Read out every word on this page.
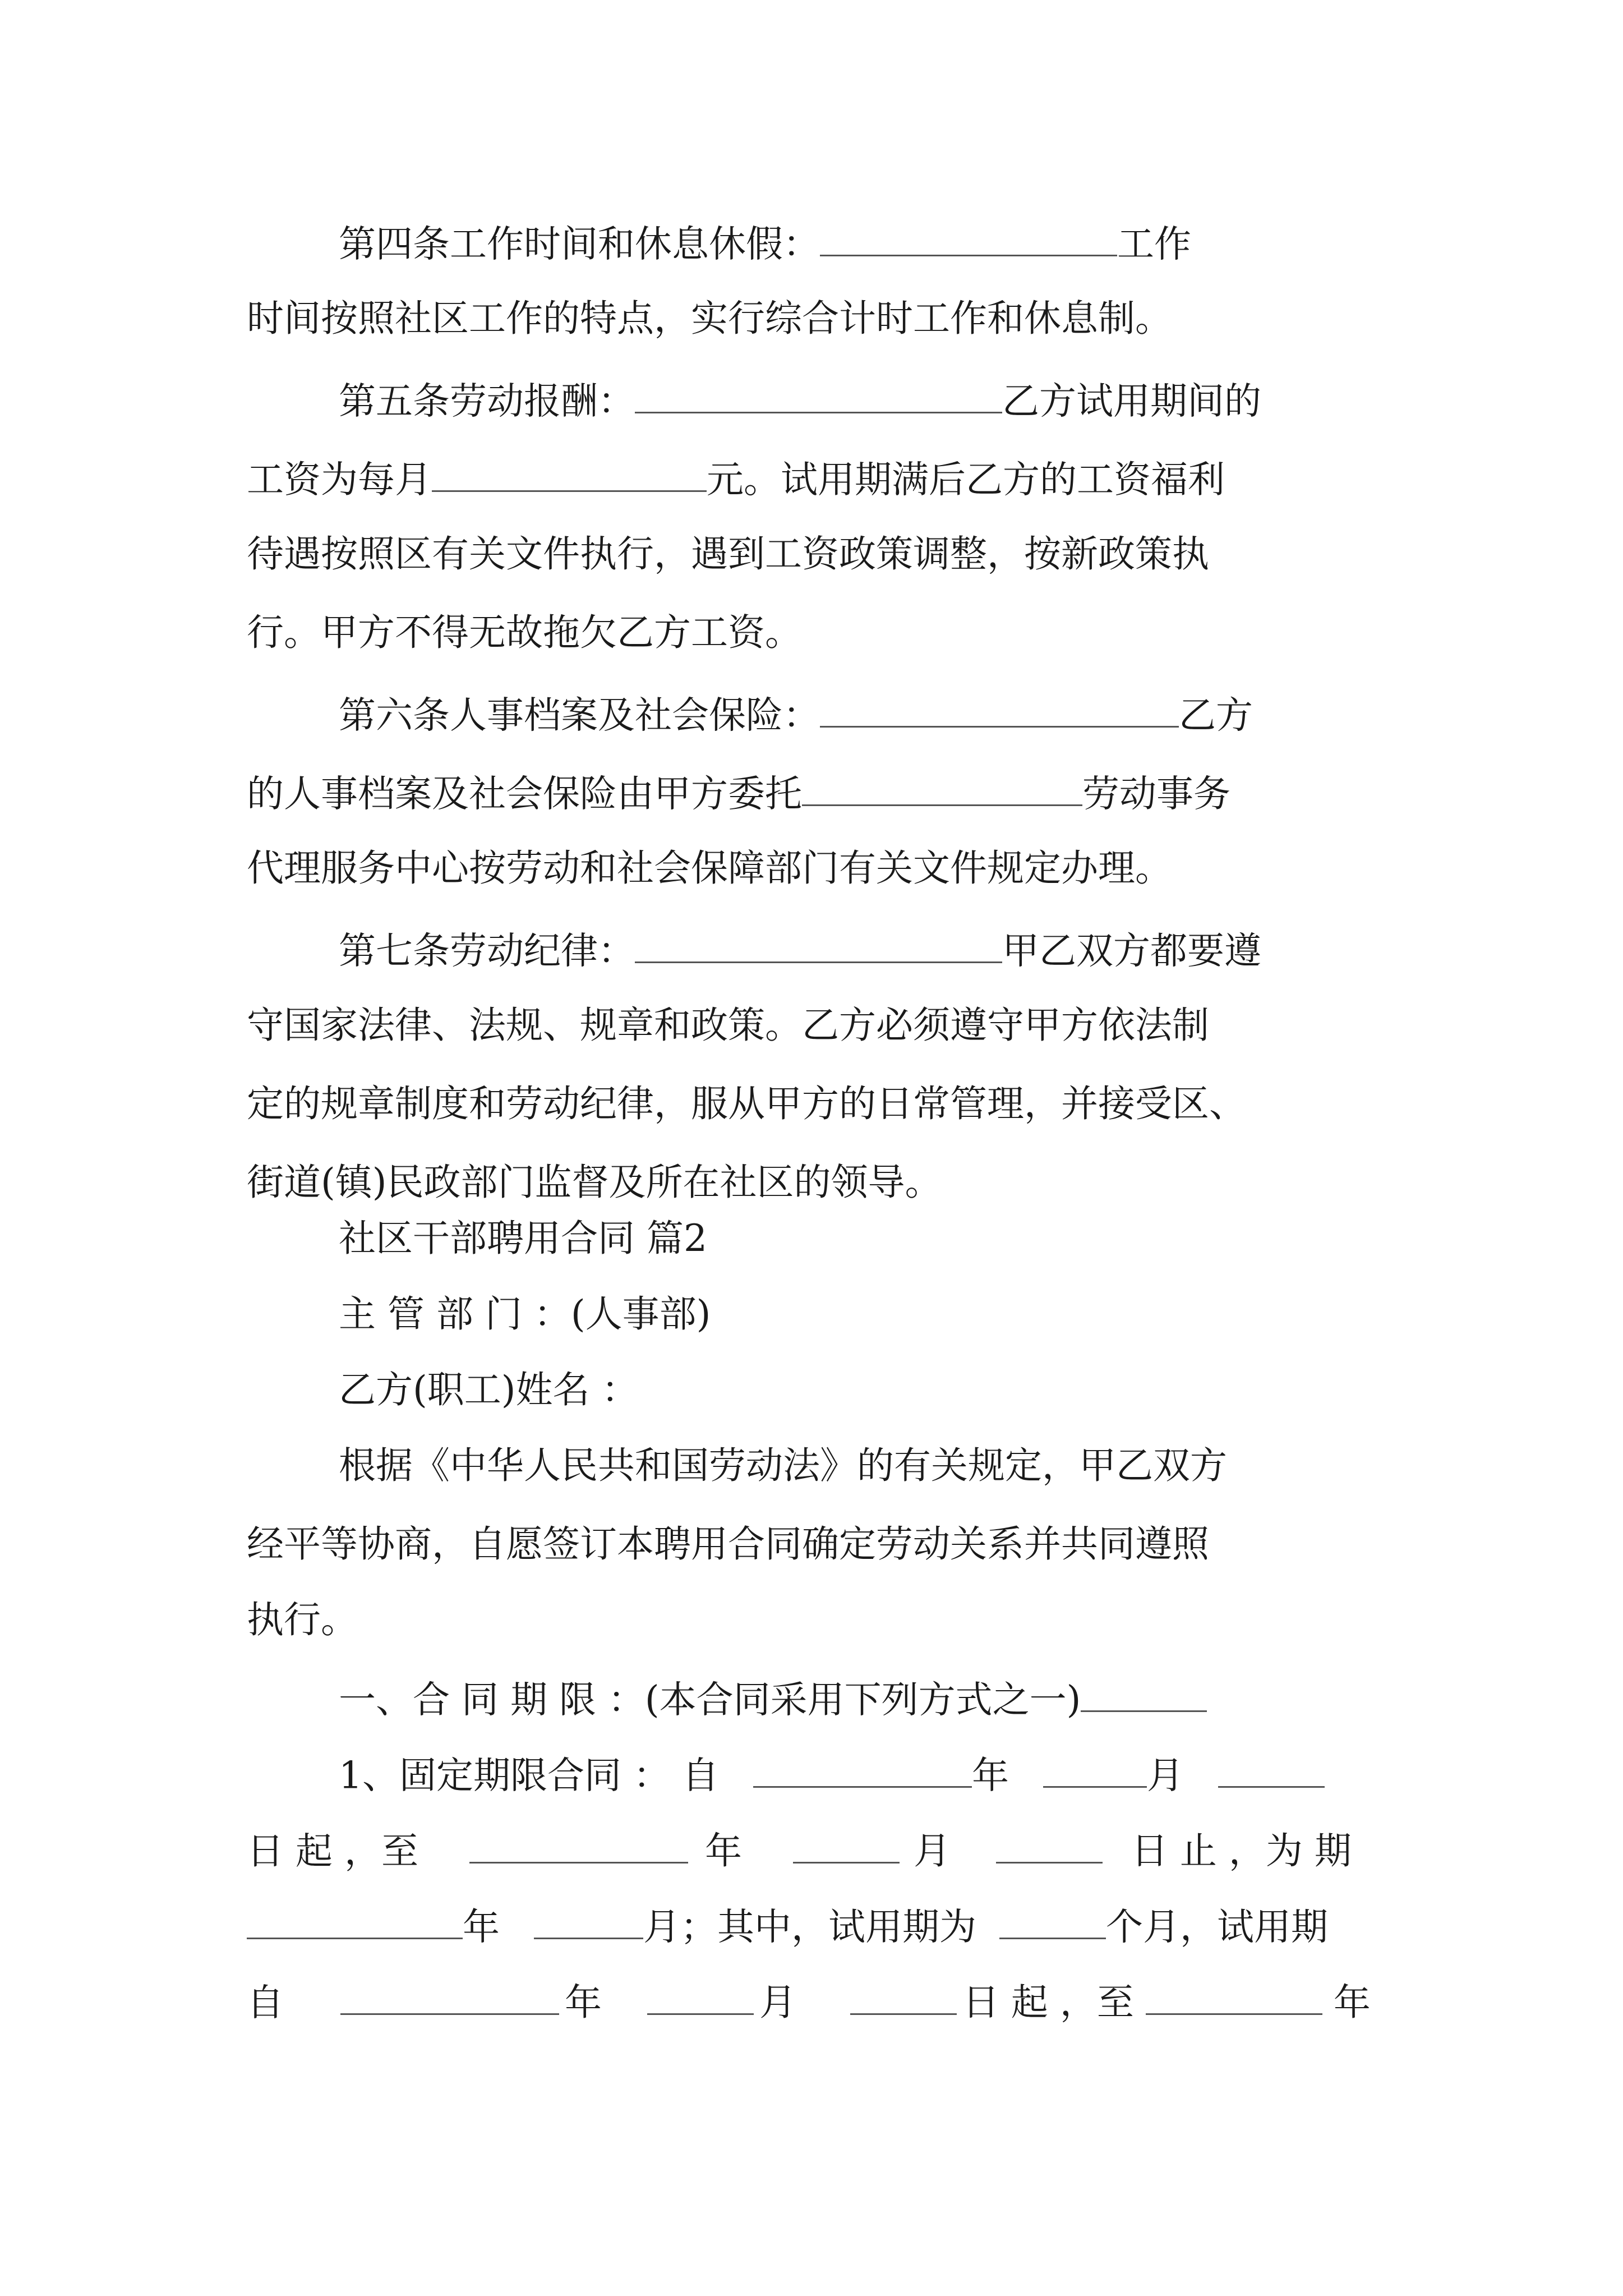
第四条工作时间和休息休假：	工作
时间按照社区工作的特点，实行综合计时工作和休息制。
第五条劳动报酬：	乙方试用期间的
工资为每月	元。试用期满后乙方的工资福利
待遇按照区有关文件执行，遇到工资政策调整，按新政策执
行。甲方不得无故拖欠乙方工资。
第六条人事档案及社会保险：	乙方
的人事档案及社会保险由甲方委托	劳动事务
代理服务中心按劳动和社会保障部门有关文件规定办理。
第七条劳动纪律：	甲乙双方都要遵
守国家法律、法规、规章和政策。乙方必须遵守甲方依法制
定的规章制度和劳动纪律，服从甲方的日常管理，并接受区、
街道(镇)民政部门监督及所在社区的领导。
社区干部聘用合同 篇2
主 管 部 门 ：(人事部)
乙方(职工)姓名 ：
根据《中华人民共和国劳动法》的有关规定，甲乙双方
经平等协商，自愿签订本聘用合同确定劳动关系并共同遵照
执行。
一、合 同 期 限 ：(本合同采用下列方式之一)
1、固定期限合同 ： 自	年	月
日 起 ，至	年	月	日 止 ，为 期
年	月；其中，试用期为	个月，试用期
自	年	月	日 起 ，至	年
